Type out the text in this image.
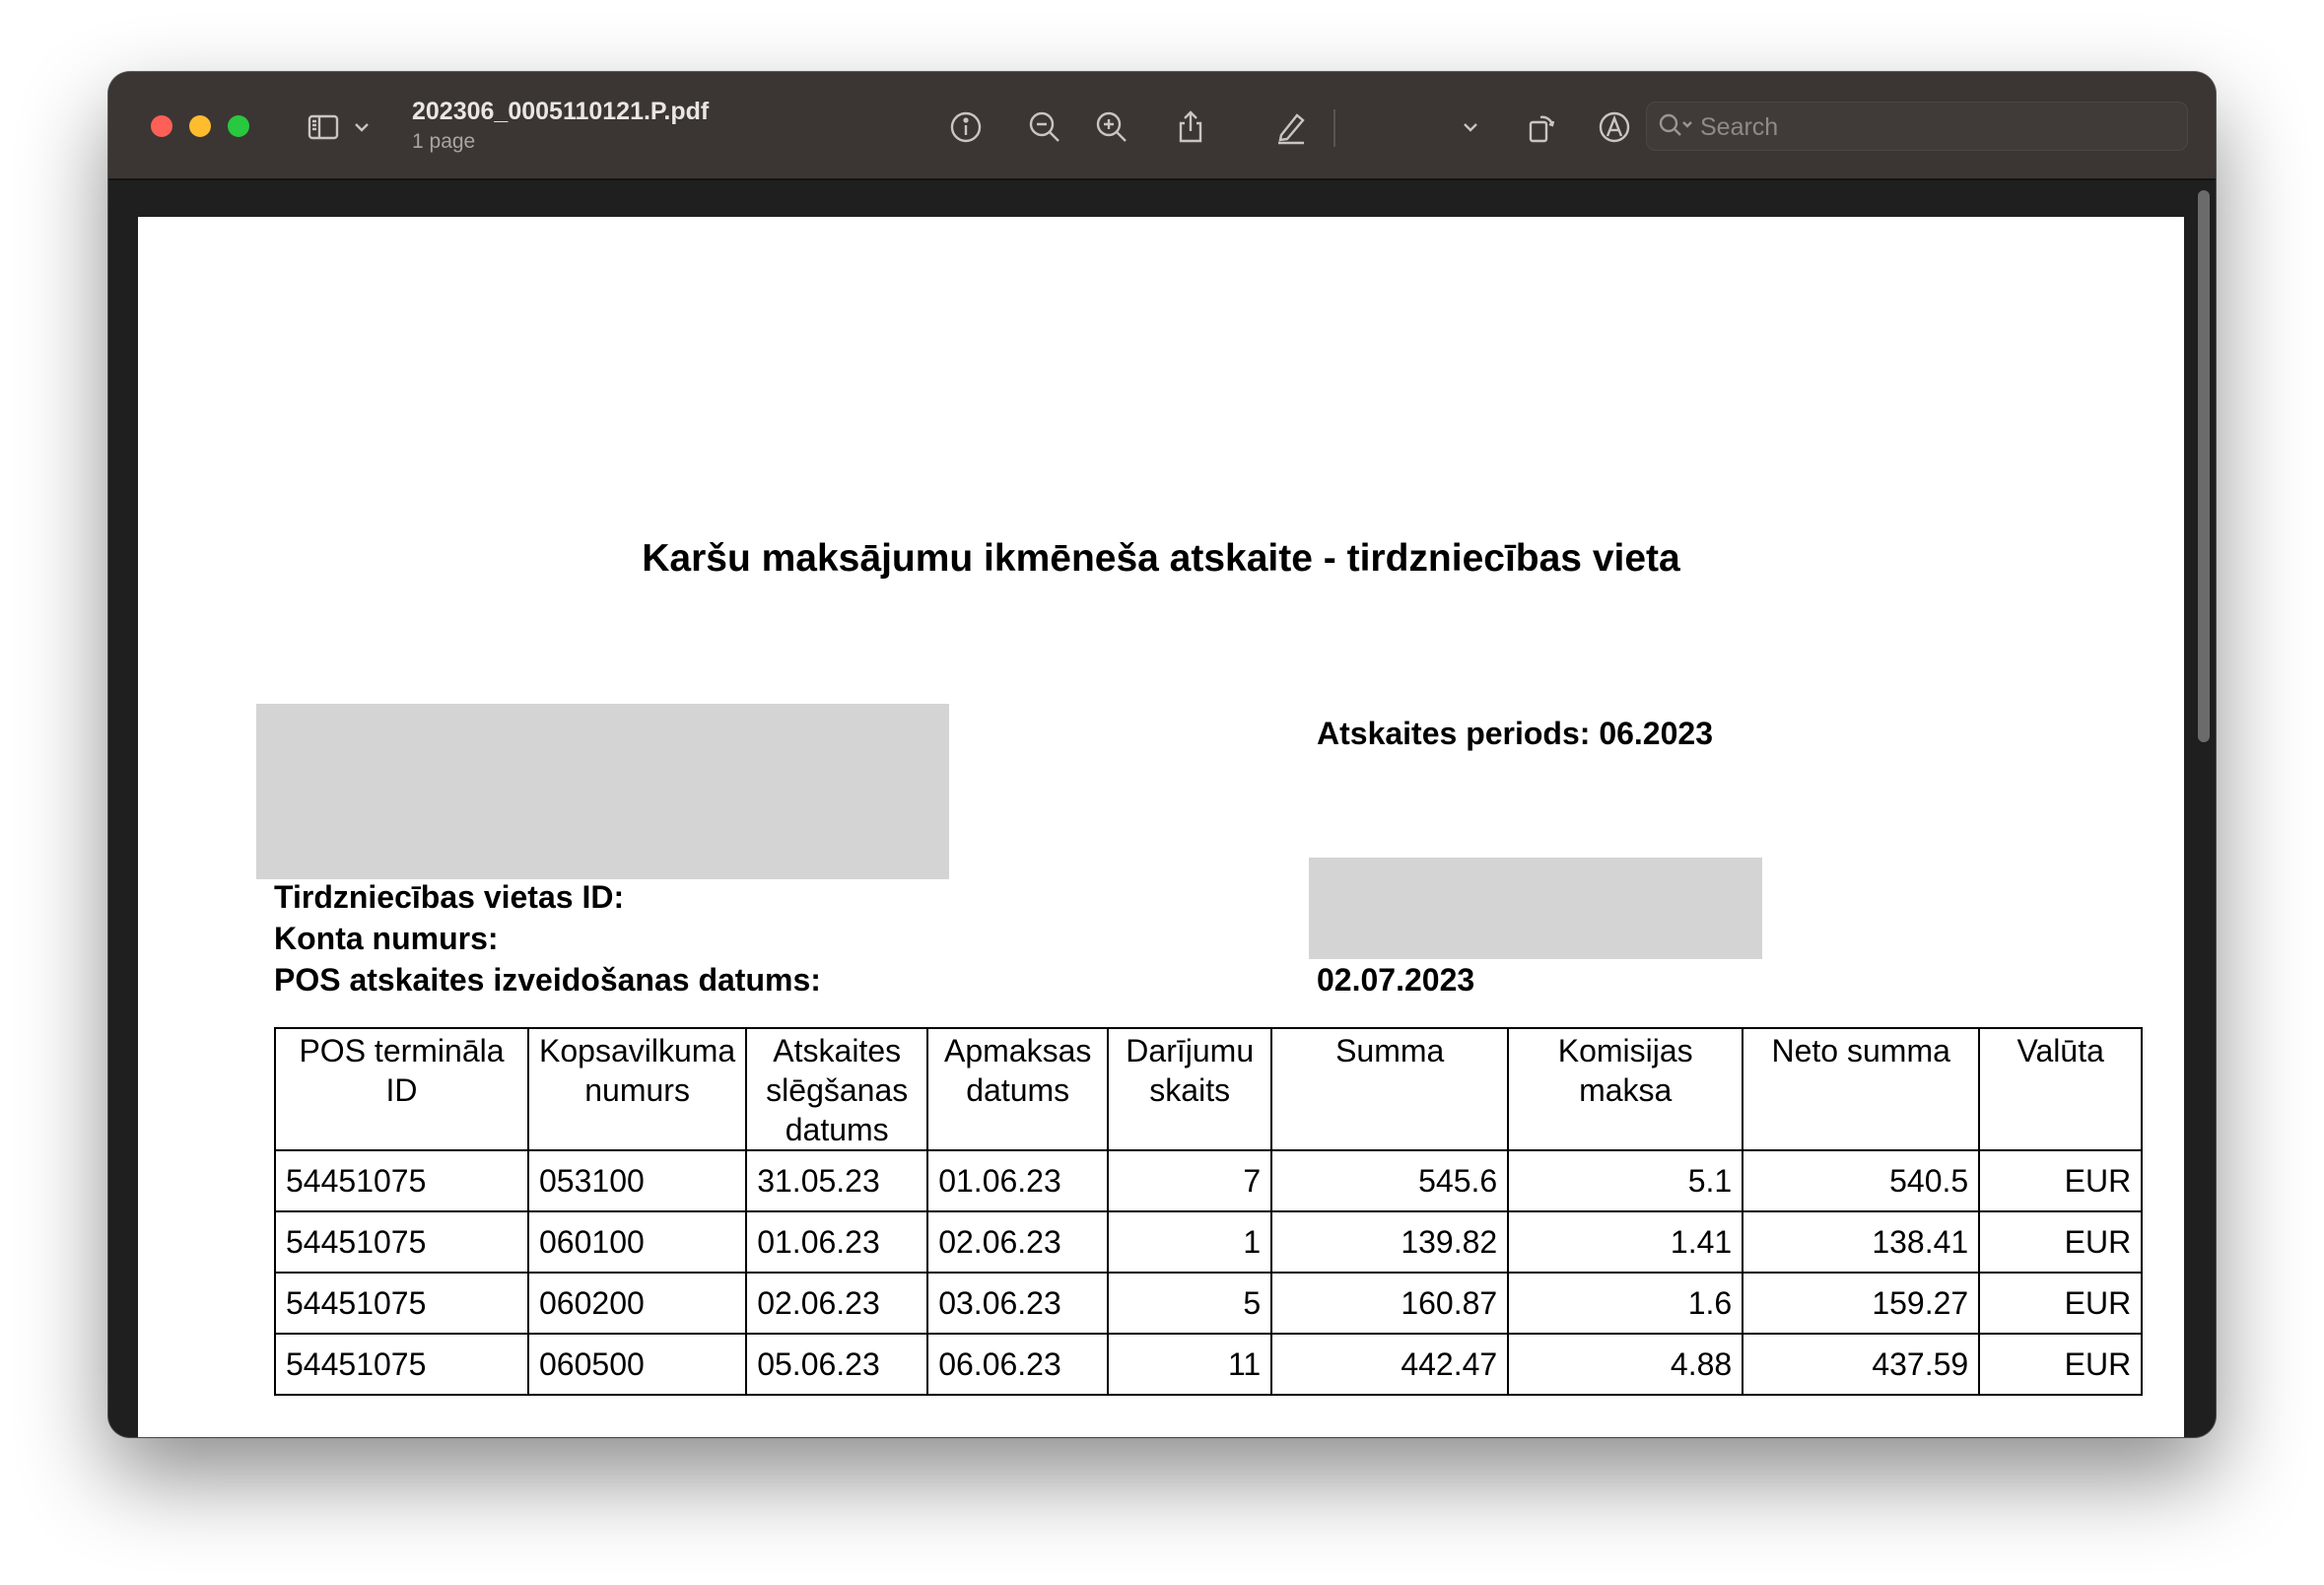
202306_0005110121.P.pdf
1 page
Search
Karšu maksājumu ikmēneša atskaite - tirdzniecības vieta
Atskaites periods: 06.2023
Tirdzniecības vietas ID:
Konta numurs:
POS atskaites izveidošanas datums:	02.07.2023
POS termināla ID	Kopsavilkuma numurs	Atskaites slēgšanas datums	Apmaksas datums	Darījumu skaits	Summa	Komisijas maksa	Neto summa	Valūta
54451075	053100	31.05.23	01.06.23	7	545.6	5.1	540.5	EUR
54451075	060100	01.06.23	02.06.23	1	139.82	1.41	138.41	EUR
54451075	060200	02.06.23	03.06.23	5	160.87	1.6	159.27	EUR
54451075	060500	05.06.23	06.06.23	11	442.47	4.88	437.59	EUR
